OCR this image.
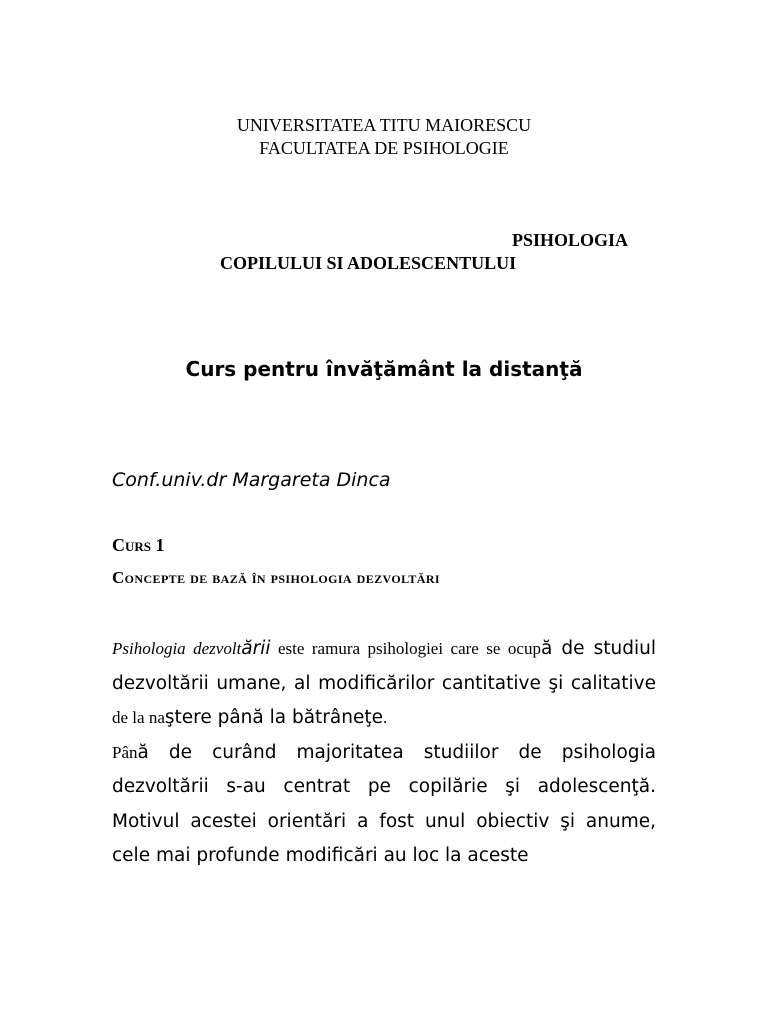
UNIVERSITATEA TITU MAIORESCU
FACULTATEA DE PSIHOLOGIE
PSIHOLOGIA
COPILULUI SI ADOLESCENTULUI
Curs pentru învăţământ la distanţă
Conf.univ.dr Margareta Dinca
Curs 1
Concepte de bază în psihologia dezvoltări

Psihologia dezvoltării este ramura psihologiei care se ocupă de studiul dezvoltării umane, al modificărilor cantitative şi calitative de la naştere până la bătrâneţe.

Până de curând majoritatea studiilor de psihologia dezvoltării s-au centrat pe copilărie şi adolescenţă. Motivul acestei orientări a fost unul obiectiv şi anume, cele mai profunde modificări au loc la aceste
